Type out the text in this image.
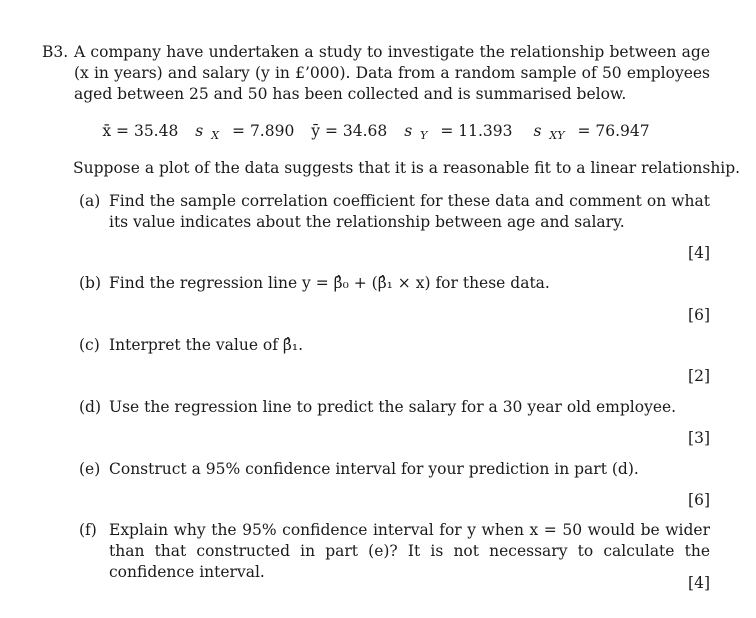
B3. A company have undertaken a study to investigate the relationship between age (x in years) and salary (y in £’000). Data from a random sample of 50 employees aged between 25 and 50 has been collected and is summarised below.
x̄ = 35.48 s $_X$ = 7.890 ȳ = 34.68 s $_Y$ = 11.393 s $_{XY}$ = 76.947
Suppose a plot of the data suggests that it is a reasonable fit to a linear relationship.
(a) Find the sample correlation coefficient for these data and comment on what its value indicates about the relationship between age and salary.
[4]
(b) Find the regression line y = β̂₀ + (β̂₁ × x) for these data.
[6]
(c) Interpret the value of β̂₁.
[2]
(d) Use the regression line to predict the salary for a 30 year old employee.
[3]
(e) Construct a 95% confidence interval for your prediction in part (d).
[6]
(f) Explain why the 95% confidence interval for y when x = 50 would be wider than that constructed in part (e)? It is not necessary to calculate the confidence interval.
[4]
